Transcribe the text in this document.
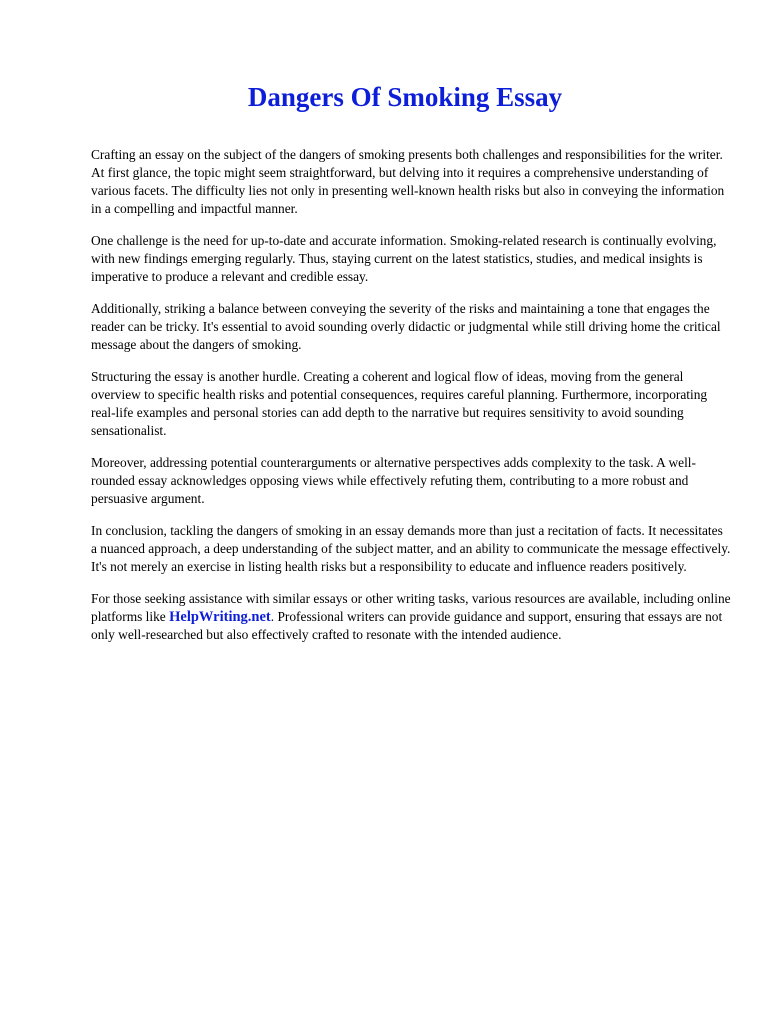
Dangers Of Smoking Essay

Crafting an essay on the subject of the dangers of smoking presents both challenges and responsibilities for the writer. At first glance, the topic might seem straightforward, but delving into it requires a comprehensive understanding of various facets. The difficulty lies not only in presenting well-known health risks but also in conveying the information in a compelling and impactful manner.

One challenge is the need for up-to-date and accurate information. Smoking-related research is continually evolving, with new findings emerging regularly. Thus, staying current on the latest statistics, studies, and medical insights is imperative to produce a relevant and credible essay.

Additionally, striking a balance between conveying the severity of the risks and maintaining a tone that engages the reader can be tricky. It's essential to avoid sounding overly didactic or judgmental while still driving home the critical message about the dangers of smoking.

Structuring the essay is another hurdle. Creating a coherent and logical flow of ideas, moving from the general overview to specific health risks and potential consequences, requires careful planning. Furthermore, incorporating real-life examples and personal stories can add depth to the narrative but requires sensitivity to avoid sounding sensationalist.

Moreover, addressing potential counterarguments or alternative perspectives adds complexity to the task. A well-rounded essay acknowledges opposing views while effectively refuting them, contributing to a more robust and persuasive argument.

In conclusion, tackling the dangers of smoking in an essay demands more than just a recitation of facts. It necessitates a nuanced approach, a deep understanding of the subject matter, and an ability to communicate the message effectively. It's not merely an exercise in listing health risks but a responsibility to educate and influence readers positively.

For those seeking assistance with similar essays or other writing tasks, various resources are available, including online platforms like HelpWriting.net. Professional writers can provide guidance and support, ensuring that essays are not only well-researched but also effectively crafted to resonate with the intended audience.
